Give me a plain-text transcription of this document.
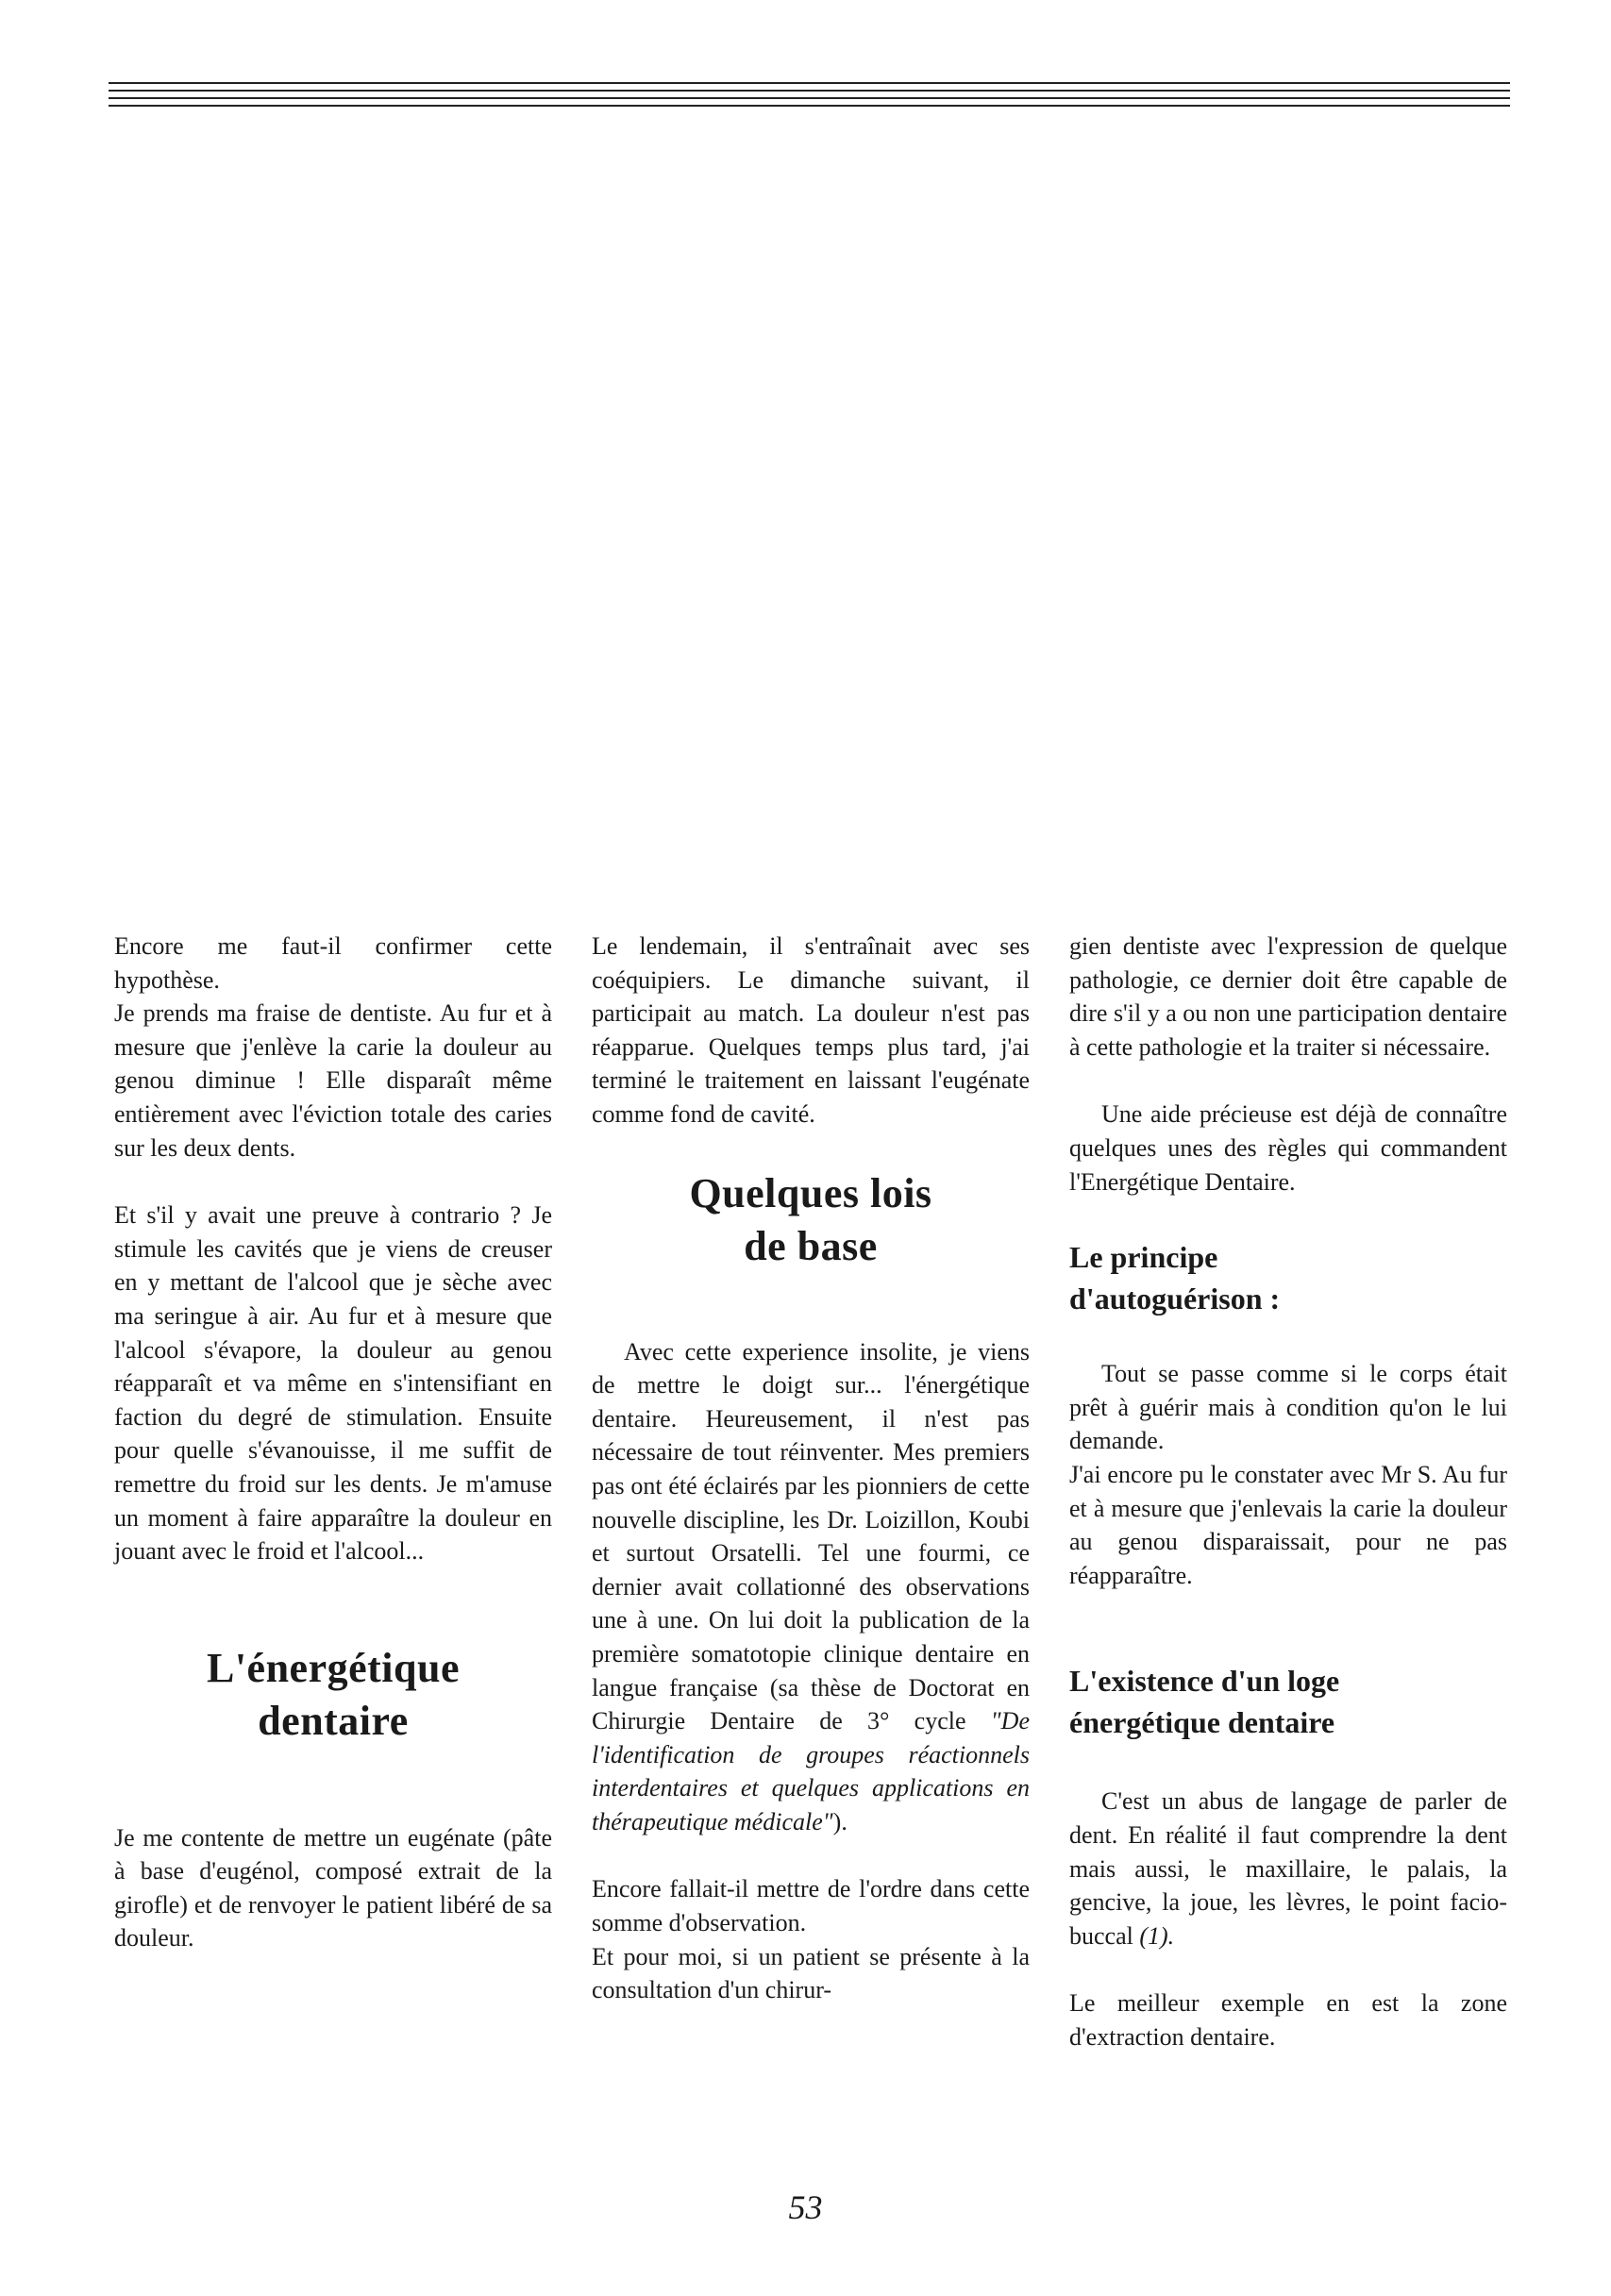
Encore me faut-il confirmer cette hypothèse.

Je prends ma fraise de dentiste. Au fur et à mesure que j'enlève la carie la douleur au genou diminue ! Elle disparaît même entièrement avec l'éviction totale des caries sur les deux dents.

Et s'il y avait une preuve à contrario ? Je stimule les cavités que je viens de creuser en y mettant de l'alcool que je sèche avec ma seringue à air. Au fur et à mesure que l'alcool s'évapore, la douleur au genou réapparaît et va même en s'intensifiant en faction du degré de stimulation. Ensuite pour quelle s'évanouisse, il me suffit de remettre du froid sur les dents. Je m'amuse un moment à faire apparaître la douleur en jouant avec le froid et l'alcool...

L'énergétique
dentaire

Je me contente de mettre un eugénate (pâte à base d'eugénol, composé extrait de la girofle) et de renvoyer le patient libéré de sa douleur.

Le lendemain, il s'entraînait avec ses coéquipiers. Le dimanche suivant, il participait au match. La douleur n'est pas réapparue. Quelques temps plus tard, j'ai terminé le traitement en laissant l'eugénate comme fond de cavité.

Quelques lois
de base

Avec cette experience insolite, je viens de mettre le doigt sur... l'énergétique dentaire. Heureusement, il n'est pas nécessaire de tout réinventer. Mes premiers pas ont été éclairés par les pionniers de cette nouvelle discipline, les Dr. Loizillon, Koubi et surtout Orsatelli. Tel une fourmi, ce dernier avait collationné des observations une à une. On lui doit la publication de la première somatotopie clinique dentaire en langue française (sa thèse de Doctorat en Chirurgie Dentaire de 3° cycle "De l'identification de groupes réactionnels interdentaires et quelques applications en thérapeutique médicale").

Encore fallait-il mettre de l'ordre dans cette somme d'observation.

Et pour moi, si un patient se présente à la consultation d'un chirur-

gien dentiste avec l'expression de quelque pathologie, ce dernier doit être capable de dire s'il y a ou non une participation dentaire à cette pathologie et la traiter si nécessaire.

Une aide précieuse est déjà de connaître quelques unes des règles qui commandent l'Energétique Dentaire.

Le principe
d'autoguérison :

Tout se passe comme si le corps était prêt à guérir mais à condition qu'on le lui demande.

J'ai encore pu le constater avec Mr S. Au fur et à mesure que j'enlevais la carie la douleur au genou disparaissait, pour ne pas réapparaître.

L'existence d'un loge
énergétique dentaire

C'est un abus de langage de parler de dent. En réalité il faut comprendre la dent mais aussi, le maxillaire, le palais, la gencive, la joue, les lèvres, le point facio-buccal (1).

Le meilleur exemple en est la zone d'extraction dentaire.

53
